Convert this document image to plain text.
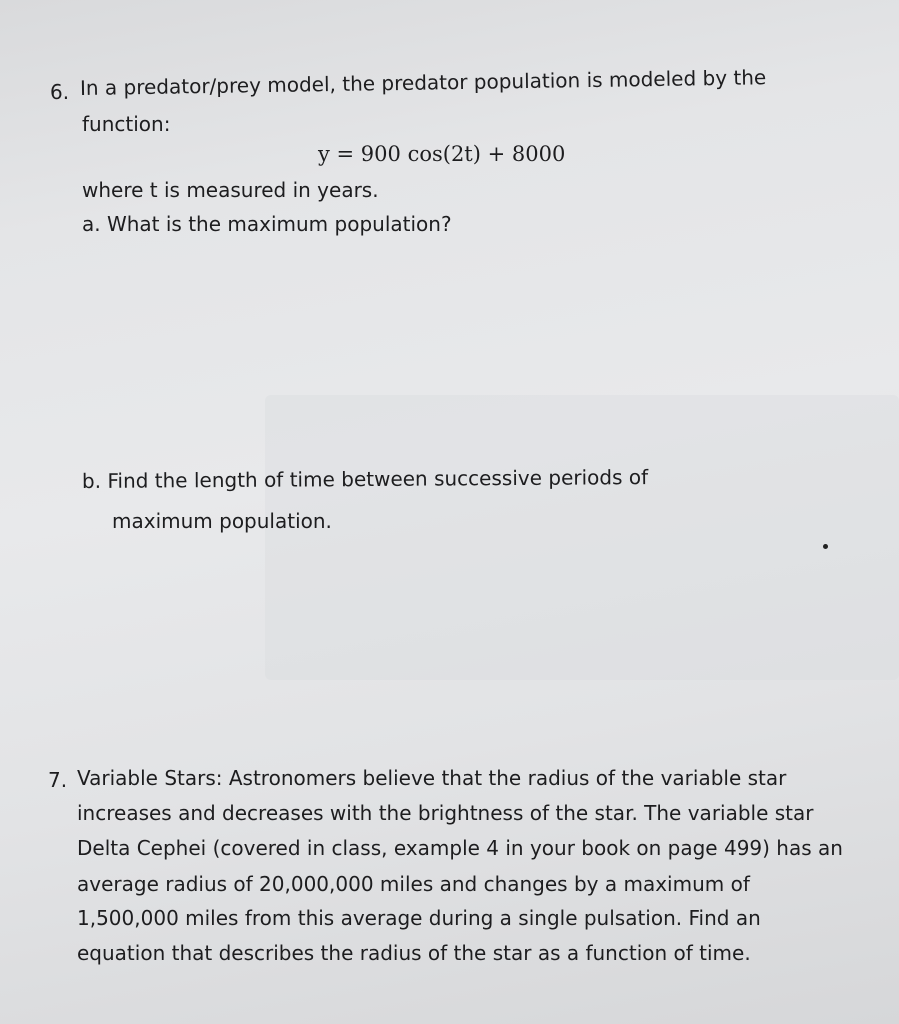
6. In a predator/prey model, the predator population is modeled by the
function:
y = 900 cos(2t) + 8000
where t is measured in years.
a. What is the maximum population?
b. Find the length of time between successive periods of
maximum population.
7. Variable Stars: Astronomers believe that the radius of the variable star
increases and decreases with the brightness of the star. The variable star
Delta Cephei (covered in class, example 4 in your book on page 499) has an
average radius of 20,000,000 miles and changes by a maximum of
1,500,000 miles from this average during a single pulsation. Find an
equation that describes the radius of the star as a function of time.
